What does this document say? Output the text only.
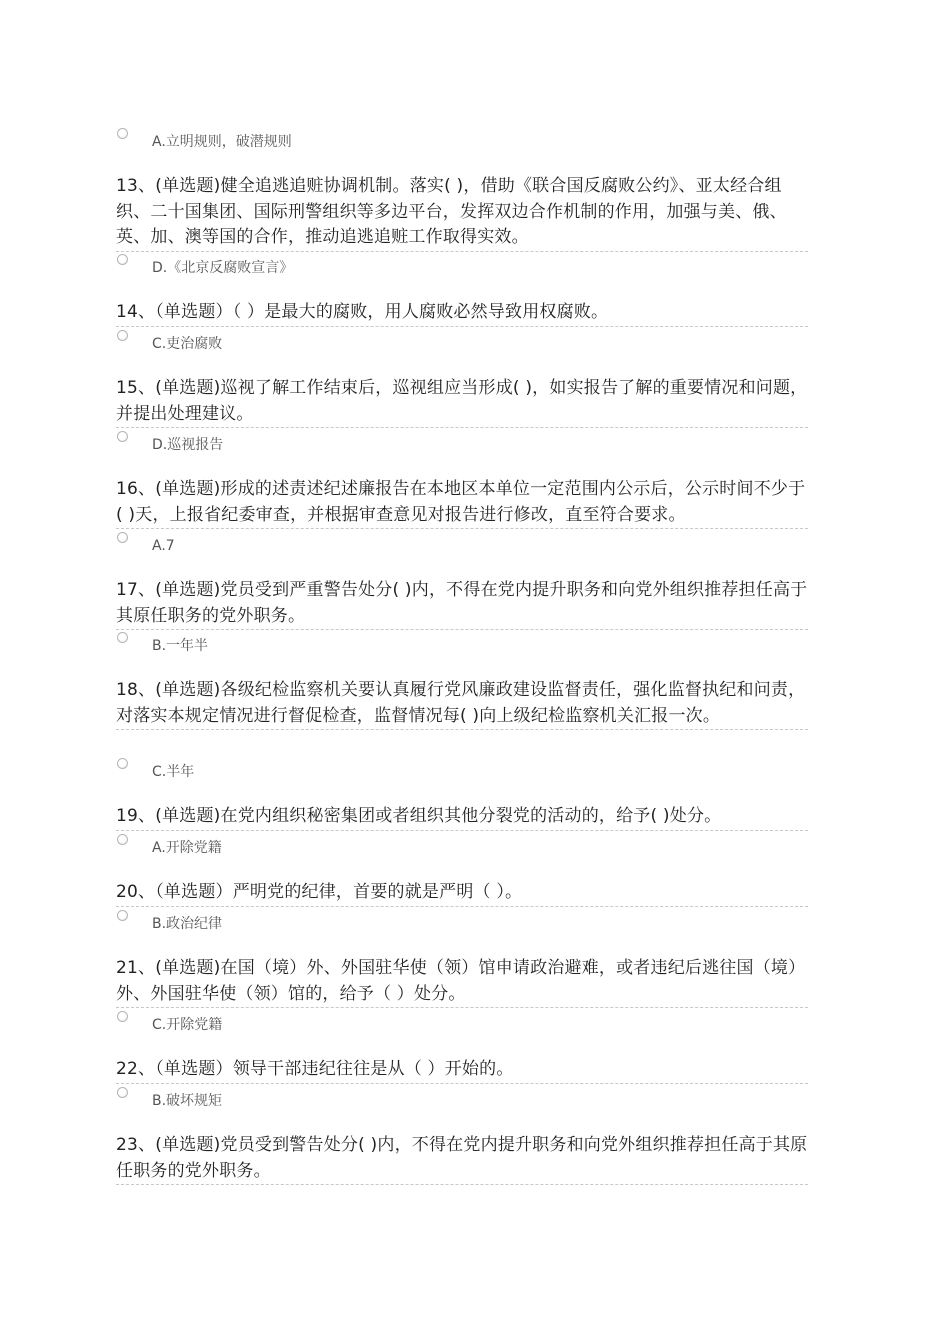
A.立明规则，破潜规则
13、(单选题)健全追逃追赃协调机制。落实( )，借助《联合国反腐败公约》、亚太经合组织、二十国集团、国际刑警组织等多边平台，发挥双边合作机制的作用，加强与美、俄、英、加、澳等国的合作，推动追逃追赃工作取得实效。
D.《北京反腐败宣言》
14、（单选题）（ ）是最大的腐败，用人腐败必然导致用权腐败。
C.吏治腐败
15、(单选题)巡视了解工作结束后，巡视组应当形成( )，如实报告了解的重要情况和问题，并提出处理建议。
D.巡视报告
16、(单选题)形成的述责述纪述廉报告在本地区本单位一定范围内公示后，公示时间不少于( )天，上报省纪委审查，并根据审查意见对报告进行修改，直至符合要求。
A.7
17、(单选题)党员受到严重警告处分( )内，不得在党内提升职务和向党外组织推荐担任高于其原任职务的党外职务。
B.一年半
18、(单选题)各级纪检监察机关要认真履行党风廉政建设监督责任，强化监督执纪和问责，对落实本规定情况进行督促检查，监督情况每( )向上级纪检监察机关汇报一次。
C.半年
19、(单选题)在党内组织秘密集团或者组织其他分裂党的活动的，给予( )处分。
A.开除党籍
20、（单选题）严明党的纪律，首要的就是严明（ ）。
B.政治纪律
21、(单选题)在国（境）外、外国驻华使（领）馆申请政治避难，或者违纪后逃往国（境）外、外国驻华使（领）馆的，给予（ ）处分。
C.开除党籍
22、（单选题）领导干部违纪往往是从（ ）开始的。
B.破坏规矩
23、(单选题)党员受到警告处分( )内，不得在党内提升职务和向党外组织推荐担任高于其原任职务的党外职务。
